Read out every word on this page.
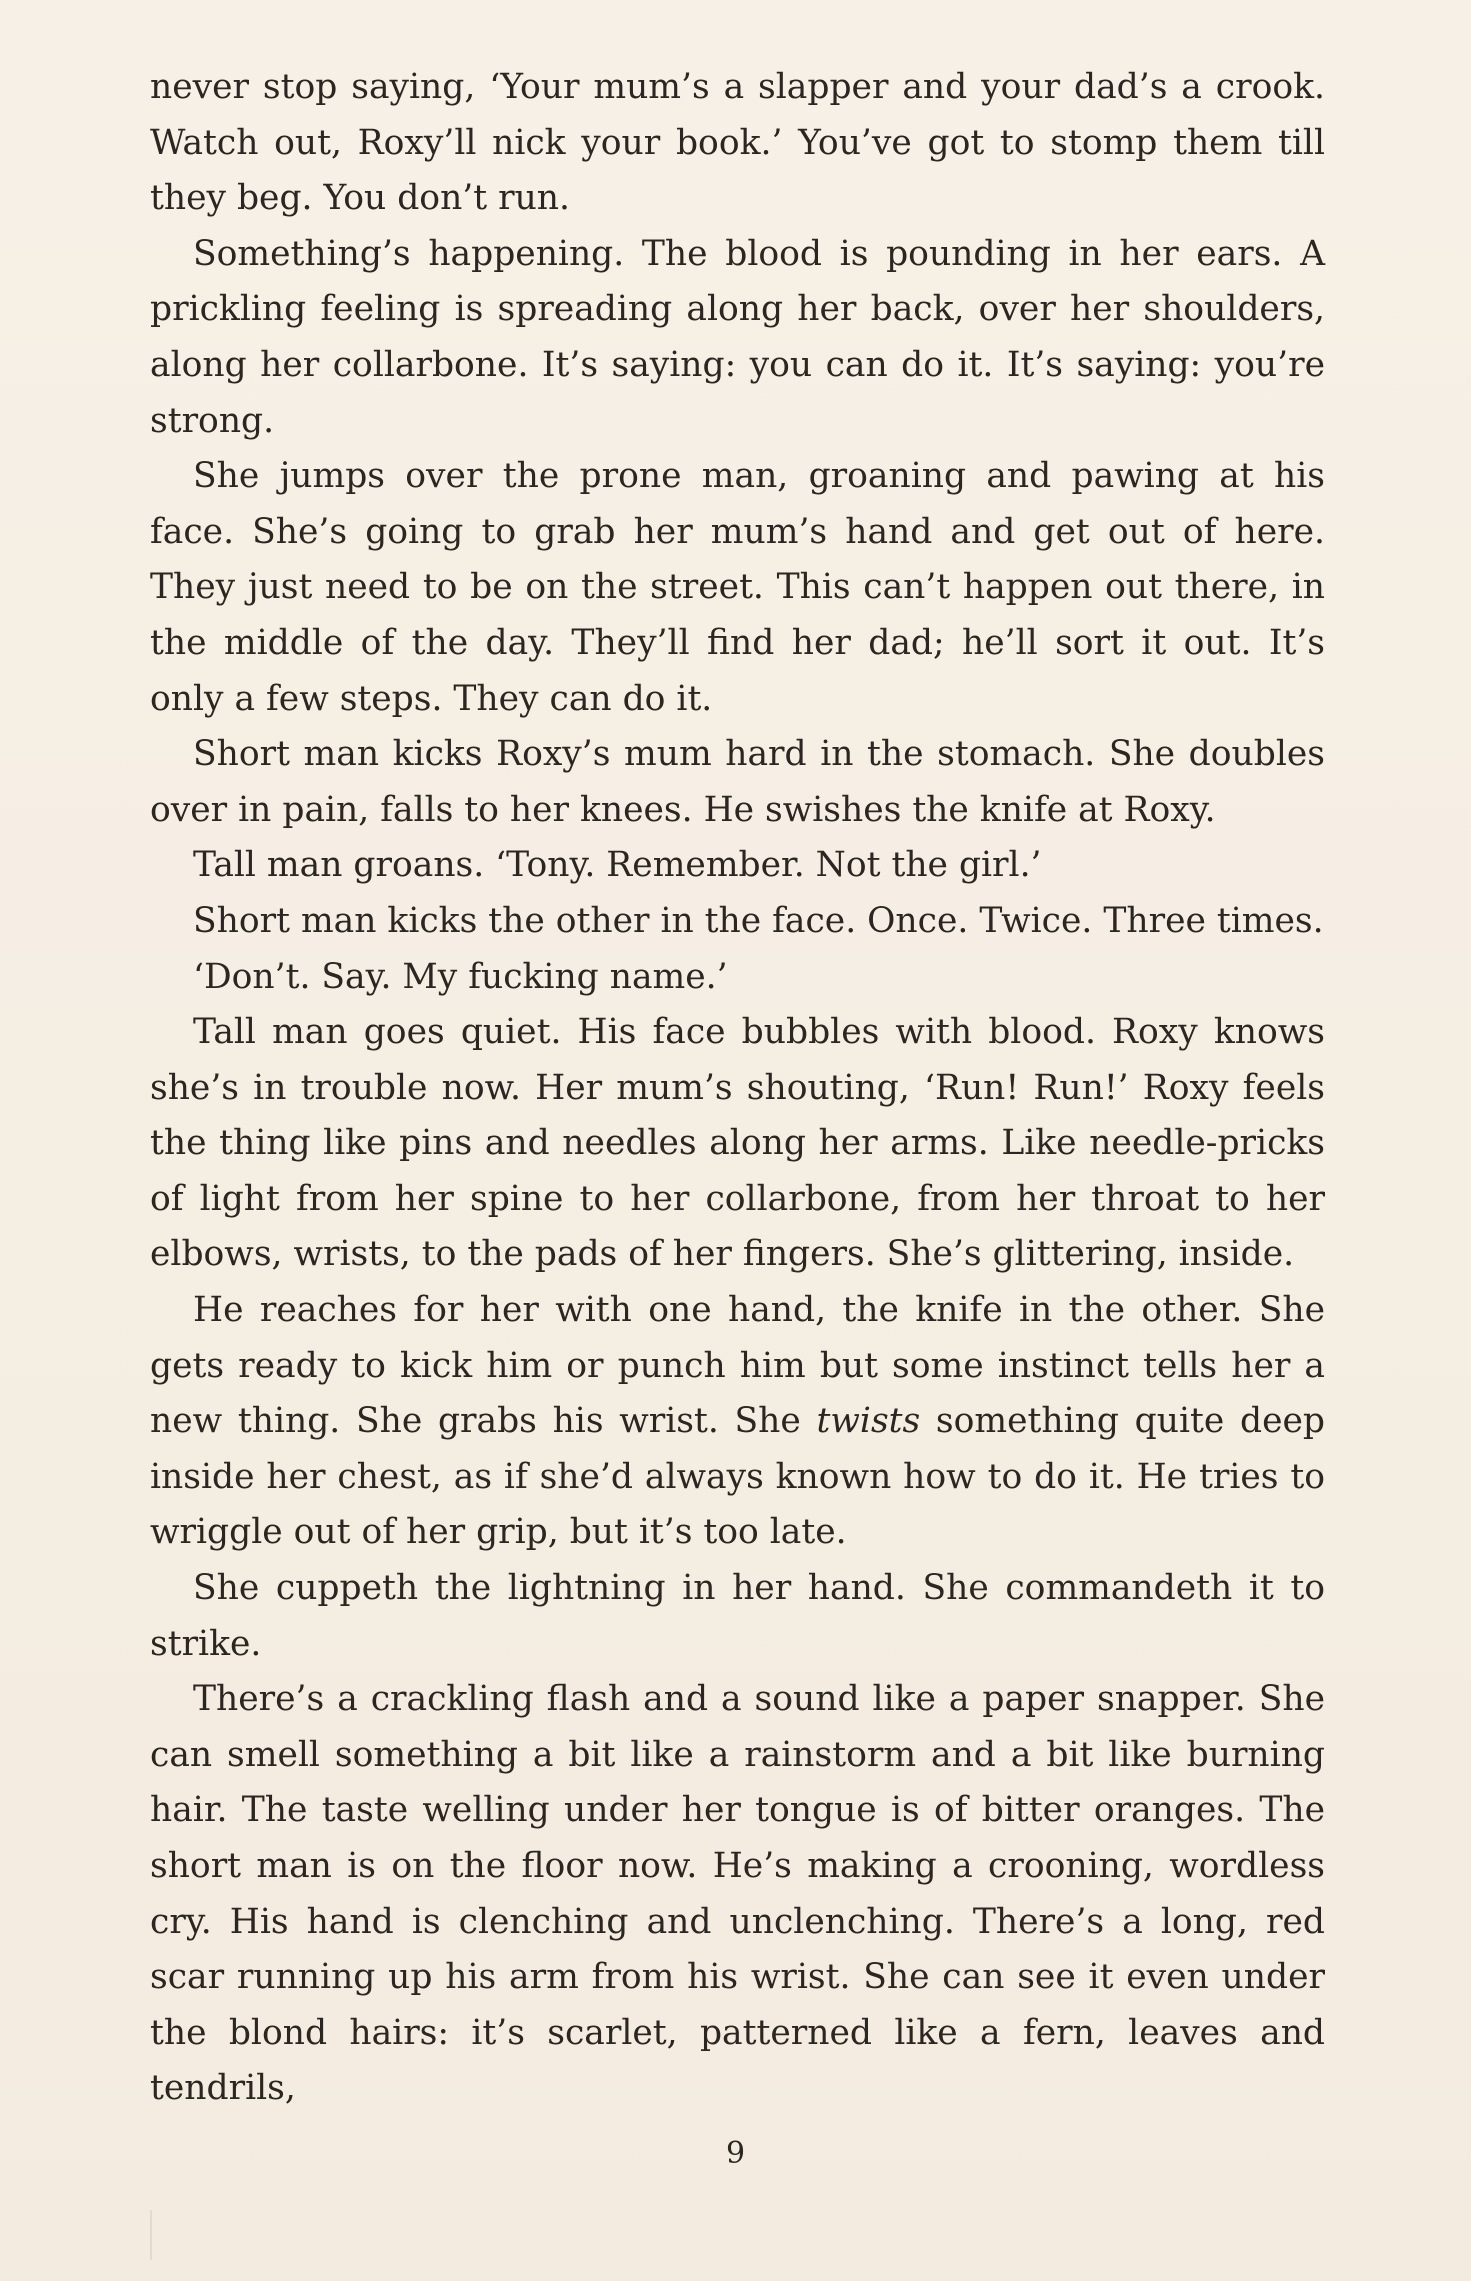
never stop saying, ‘Your mum’s a slapper and your dad’s a crook. Watch out, Roxy’ll nick your book.’ You’ve got to stomp them till they beg. You don’t run.

Something’s happening. The blood is pounding in her ears. A prickling feeling is spreading along her back, over her shoulders, along her collarbone. It’s saying: you can do it. It’s saying: you’re strong.

She jumps over the prone man, groaning and pawing at his face. She’s going to grab her mum’s hand and get out of here. They just need to be on the street. This can’t happen out there, in the middle of the day. They’ll find her dad; he’ll sort it out. It’s only a few steps. They can do it.

Short man kicks Roxy’s mum hard in the stomach. She doubles over in pain, falls to her knees. He swishes the knife at Roxy.

Tall man groans. ‘Tony. Remember. Not the girl.’

Short man kicks the other in the face. Once. Twice. Three times.

‘Don’t. Say. My fucking name.’

Tall man goes quiet. His face bubbles with blood. Roxy knows she’s in trouble now. Her mum’s shouting, ‘Run! Run!’ Roxy feels the thing like pins and needles along her arms. Like needle-pricks of light from her spine to her collarbone, from her throat to her elbows, wrists, to the pads of her fingers. She’s glittering, inside.

He reaches for her with one hand, the knife in the other. She gets ready to kick him or punch him but some instinct tells her a new thing. She grabs his wrist. She twists something quite deep inside her chest, as if she’d always known how to do it. He tries to wriggle out of her grip, but it’s too late.

She cuppeth the lightning in her hand. She commandeth it to strike.

There’s a crackling flash and a sound like a paper snapper. She can smell something a bit like a rainstorm and a bit like burning hair. The taste welling under her tongue is of bitter oranges. The short man is on the floor now. He’s making a crooning, wordless cry. His hand is clenching and unclenching. There’s a long, red scar running up his arm from his wrist. She can see it even under the blond hairs: it’s scarlet, patterned like a fern, leaves and tendrils,

9
